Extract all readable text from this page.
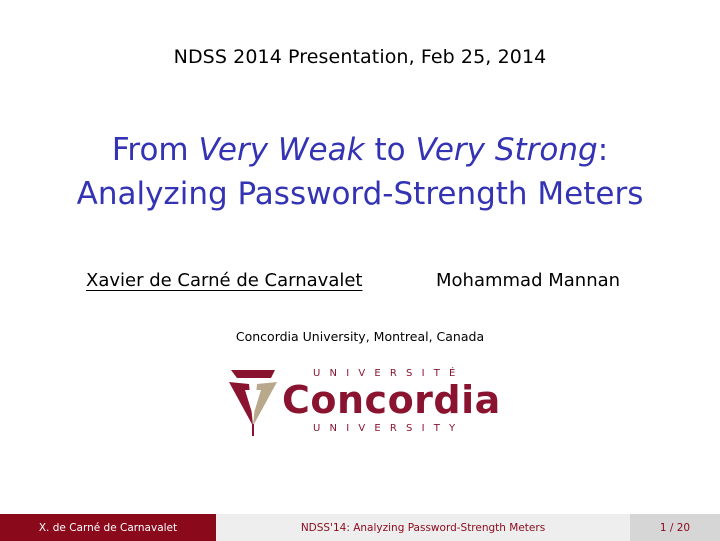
NDSS 2014 Presentation, Feb 25, 2014
From Very Weak to Very Strong:
Analyzing Password-Strength Meters
Xavier de Carné de Carnavalet	Mohammad Mannan
Concordia University, Montreal, Canada
UNIVERSITÉ
Concordia
UNIVERSITY
X. de Carné de Carnavalet	NDSS'14: Analyzing Password-Strength Meters	1 / 20
